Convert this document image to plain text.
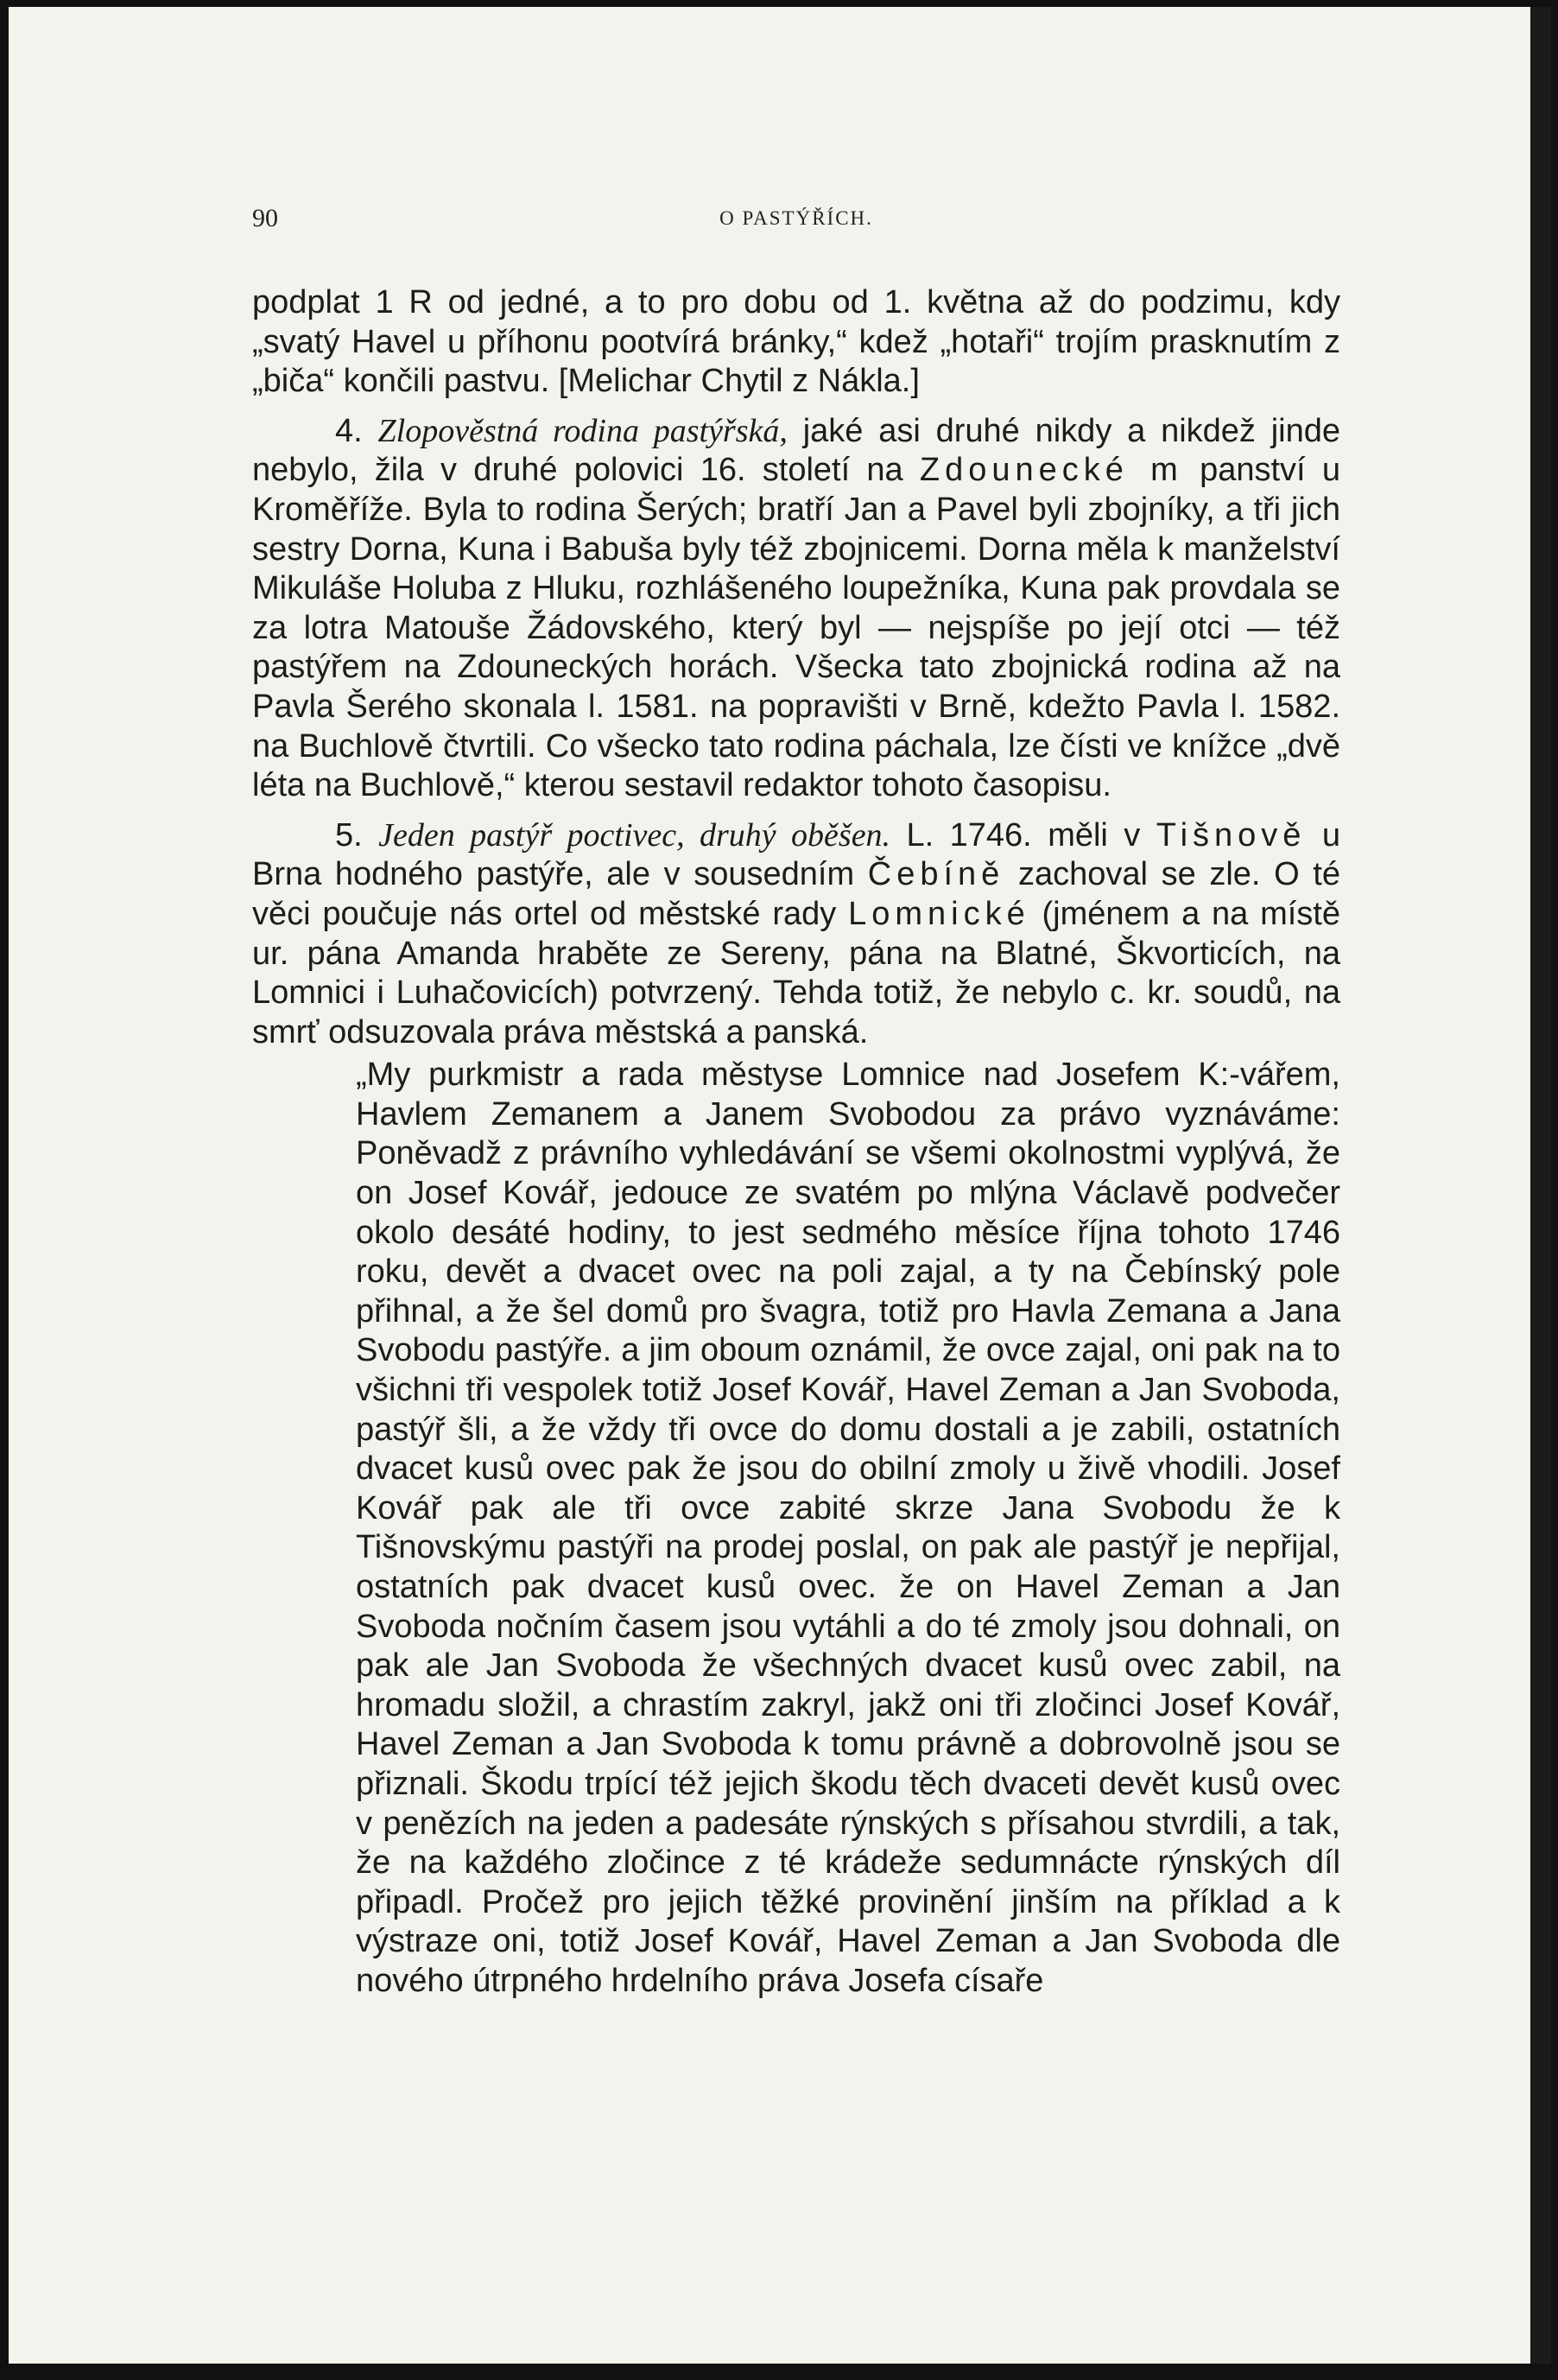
90	O PASTÝŘÍCH.

podplat 1 R od jedné, a to pro dobu od 1. května až do podzimu, kdy „svatý Havel u příhonu pootvírá bránky,“ kdež „hotaři“ trojím prasknutím z „biča“ končili pastvu. [Melichar Chytil z Nákla.]

4. Zlopověstná rodina pastýřská, jaké asi druhé nikdy a nikdež jinde nebylo, žila v druhé polovici 16. století na Zdounecké m panství u Kroměříže. Byla to rodina Šerých; bratří Jan a Pavel byli zbojníky, a tři jich sestry Dorna, Kuna i Babuša byly též zbojnicemi. Dorna měla k manželství Mikuláše Holuba z Hluku, rozhlášeného loupežníka, Kuna pak provdala se za lotra Matouše Žádovského, který byl — nejspíše po její otci — též pastýřem na Zdouneckých horách. Všecka tato zbojnická rodina až na Pavla Šerého skonala l. 1581. na popravišti v Brně, kdežto Pavla l. 1582. na Buchlově čtvrtili. Co všecko tato rodina páchala, lze čísti ve knížce „dvě léta na Buchlově,“ kterou sestavil redaktor tohoto časopisu.

5. Jeden pastýř poctivec, druhý oběšen. L. 1746. měli v Tišnově u Brna hodného pastýře, ale v sousedním Čebíně zachoval se zle. O té věci poučuje nás ortel od městské rady Lomnické (jménem a na místě ur. pána Amanda hraběte ze Sereny, pána na Blatné, Škvorticích, na Lomnici i Luhačovicích) potvrzený. Tehda totiž, že nebylo c. kr. soudů, na smrť odsuzovala práva městská a panská.

„My purkmistr a rada městyse Lomnice nad Josefem K:-vářem, Havlem Zemanem a Janem Svobodou za právo vyznáváme: Poněvadž z právního vyhledávání se všemi okolnostmi vyplývá, že on Josef Kovář, jedouce ze svatém po mlýna Václavě podvečer okolo desáté hodiny, to jest sedmého měsíce října tohoto 1746 roku, devět a dvacet ovec na poli zajal, a ty na Čebínský pole přihnal, a že šel domů pro švagra, totiž pro Havla Zemana a Jana Svobodu pastýře. a jim oboum oznámil, že ovce zajal, oni pak na to všichni tři vespolek totiž Josef Kovář, Havel Zeman a Jan Svoboda, pastýř šli, a že vždy tři ovce do domu dostali a je zabili, ostatních dvacet kusů ovec pak že jsou do obilní zmoly u živě vhodili. Josef Kovář pak ale tři ovce zabité skrze Jana Svobodu že k Tišnovskýmu pastýři na prodej poslal, on pak ale pastýř je nepřijal, ostatních pak dvacet kusů ovec. že on Havel Zeman a Jan Svoboda nočním časem jsou vytáhli a do té zmoly jsou dohnali, on pak ale Jan Svoboda že všechných dvacet kusů ovec zabil, na hromadu složil, a chrastím zakryl, jakž oni tři zločinci Josef Kovář, Havel Zeman a Jan Svoboda k tomu právně a dobrovolně jsou se přiznali. Škodu trpící též jejich škodu těch dvaceti devět kusů ovec v penězích na jeden a padesáte rýnských s přísahou stvrdili, a tak, že na každého zločince z té krádeže sedumnácte rýnských díl připadl. Pročež pro jejich těžké provinění jinším na příklad a k výstraze oni, totiž Josef Kovář, Havel Zeman a Jan Svoboda dle nového útrpného hrdelního práva Josefa císaře
